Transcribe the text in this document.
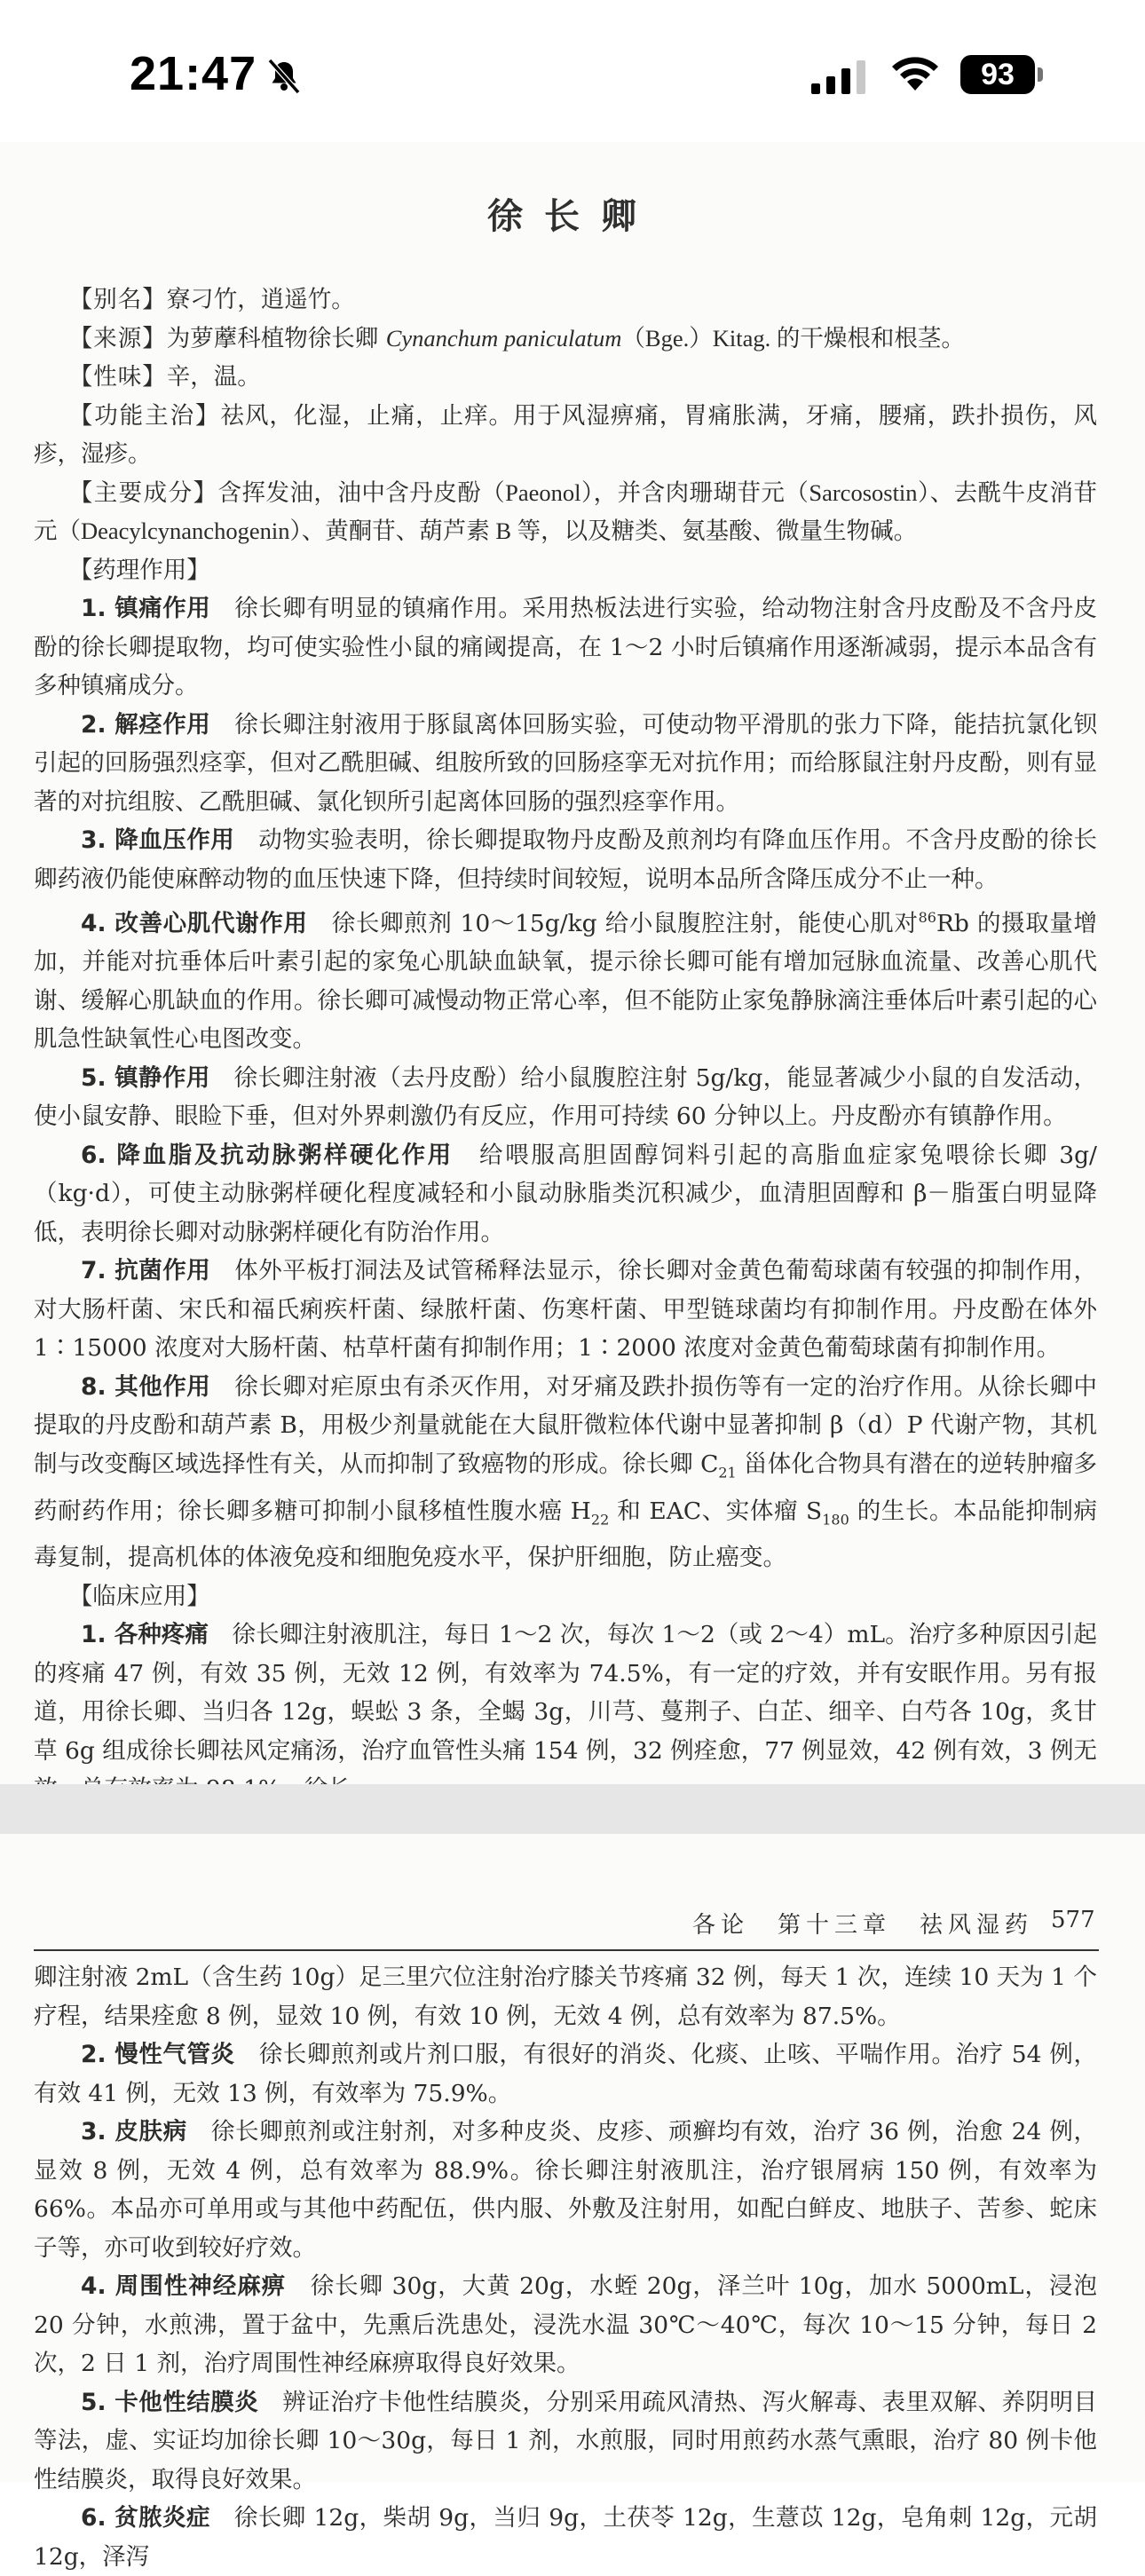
21:47	93
徐长卿

【别名】寮刁竹，逍遥竹。

【来源】为萝藦科植物徐长卿 Cynanchum paniculatum（Bge.）Kitag. 的干燥根和根茎。

【性味】辛，温。

【功能主治】祛风，化湿，止痛，止痒。用于风湿痹痛，胃痛胀满，牙痛，腰痛，跌扑损伤，风疹，湿疹。

【主要成分】含挥发油，油中含丹皮酚（Paeonol），并含肉珊瑚苷元（Sarcosostin）、去酰牛皮消苷元（Deacylcynanchogenin）、黄酮苷、葫芦素 B 等，以及糖类、氨基酸、微量生物碱。

【药理作用】

1. 镇痛作用　 徐长卿有明显的镇痛作用。采用热板法进行实验，给动物注射含丹皮酚及不含丹皮酚的徐长卿提取物，均可使实验性小鼠的痛阈提高，在 1～2 小时后镇痛作用逐渐减弱，提示本品含有多种镇痛成分。

2. 解痉作用　 徐长卿注射液用于豚鼠离体回肠实验，可使动物平滑肌的张力下降，能拮抗氯化钡引起的回肠强烈痉挛，但对乙酰胆碱、组胺所致的回肠痉挛无对抗作用；而给豚鼠注射丹皮酚，则有显著的对抗组胺、乙酰胆碱、氯化钡所引起离体回肠的强烈痉挛作用。

3. 降血压作用　 动物实验表明，徐长卿提取物丹皮酚及煎剂均有降血压作用。不含丹皮酚的徐长卿药液仍能使麻醉动物的血压快速下降，但持续时间较短，说明本品所含降压成分不止一种。

4. 改善心肌代谢作用　 徐长卿煎剂 10～15g/kg 给小鼠腹腔注射，能使心肌对$^{86}$Rb 的摄取量增加，并能对抗垂体后叶素引起的家兔心肌缺血缺氧，提示徐长卿可能有增加冠脉血流量、改善心肌代谢、缓解心肌缺血的作用。徐长卿可减慢动物正常心率，但不能防止家兔静脉滴注垂体后叶素引起的心肌急性缺氧性心电图改变。

5. 镇静作用　 徐长卿注射液（去丹皮酚）给小鼠腹腔注射 5g/kg，能显著减少小鼠的自发活动，使小鼠安静、眼睑下垂，但对外界刺激仍有反应，作用可持续 60 分钟以上。丹皮酚亦有镇静作用。

6. 降血脂及抗动脉粥样硬化作用　 给喂服高胆固醇饲料引起的高脂血症家兔喂徐长卿 3g/（kg·d），可使主动脉粥样硬化程度减轻和小鼠动脉脂类沉积减少，血清胆固醇和 β－脂蛋白明显降低，表明徐长卿对动脉粥样硬化有防治作用。

7. 抗菌作用　 体外平板打洞法及试管稀释法显示，徐长卿对金黄色葡萄球菌有较强的抑制作用，对大肠杆菌、宋氏和福氏痢疾杆菌、绿脓杆菌、伤寒杆菌、甲型链球菌均有抑制作用。丹皮酚在体外 1∶15000 浓度对大肠杆菌、枯草杆菌有抑制作用；1∶2000 浓度对金黄色葡萄球菌有抑制作用。

8. 其他作用　 徐长卿对疟原虫有杀灭作用，对牙痛及跌扑损伤等有一定的治疗作用。从徐长卿中提取的丹皮酚和葫芦素 B，用极少剂量就能在大鼠肝微粒体代谢中显著抑制 β（d）P 代谢产物，其机制与改变酶区域选择性有关，从而抑制了致癌物的形成。徐长卿 $C_{21}$ 甾体化合物具有潜在的逆转肿瘤多药耐药作用；徐长卿多糖可抑制小鼠移植性腹水癌 $H_{22}$ 和 EAC、实体瘤 $S_{180}$ 的生长。本品能抑制病毒复制，提高机体的体液免疫和细胞免疫水平，保护肝细胞，防止癌变。

【临床应用】

1. 各种疼痛　 徐长卿注射液肌注，每日 1～2 次，每次 1～2（或 2～4）mL。治疗多种原因引起的疼痛 47 例，有效 35 例，无效 12 例，有效率为 74.5%，有一定的疗效，并有安眠作用。另有报道，用徐长卿、当归各 12g，蜈蚣 3 条，全蝎 3g，川芎、蔓荆子、白芷、细辛、白芍各 10g，炙甘草 6g 组成徐长卿祛风定痛汤，治疗血管性头痛 154 例，32 例痊愈，77 例显效，42 例有效，3 例无

各论　第十三章　祛风湿药 577

卿注射液 2mL（含生药 10g）足三里穴位注射治疗膝关节疼痛 32 例，每天 1 次，连续 10 天为 1 个疗程，结果痊愈 8 例，显效 10 例，有效 10 例，无效 4 例，总有效率为 87.5%。

2. 慢性气管炎　 徐长卿煎剂或片剂口服，有很好的消炎、化痰、止咳、平喘作用。治疗 54 例，有效 41 例，无效 13 例，有效率为 75.9%。

3. 皮肤病　 徐长卿煎剂或注射剂，对多种皮炎、皮疹、顽癣均有效，治疗 36 例，治愈 24 例，显效 8 例，无效 4 例，总有效率为 88.9%。徐长卿注射液肌注，治疗银屑病 150 例，有效率为 66%。本品亦可单用或与其他中药配伍，供内服、外敷及注射用，如配白鲜皮、地肤子、苦参、蛇床子等，亦可收到较好疗效。

4. 周围性神经麻痹　 徐长卿 30g，大黄 20g，水蛭 20g，泽兰叶 10g，加水 5000mL，浸泡 20 分钟，水煎沸，置于盆中，先熏后洗患处，浸洗水温 30℃～40℃，每次 10～15 分钟，每日 2 次，2 日 1 剂，治疗周围性神经麻痹取得良好效果。

5. 卡他性结膜炎　 辨证治疗卡他性结膜炎，分别采用疏风清热、泻火解毒、表里双解、养阴明目等法，虚、实证均加徐长卿 10～30g，每日 1 剂，水煎服，同时用煎药水蒸气熏眼，治疗 80 例卡他性结膜炎，取得良好效果。

6. 贫脓炎症　 徐长卿 12g，柴胡 9g，当归 9g，土茯苓 12g，生薏苡 12g，皂角刺 12g，元胡 12g，泽泻
